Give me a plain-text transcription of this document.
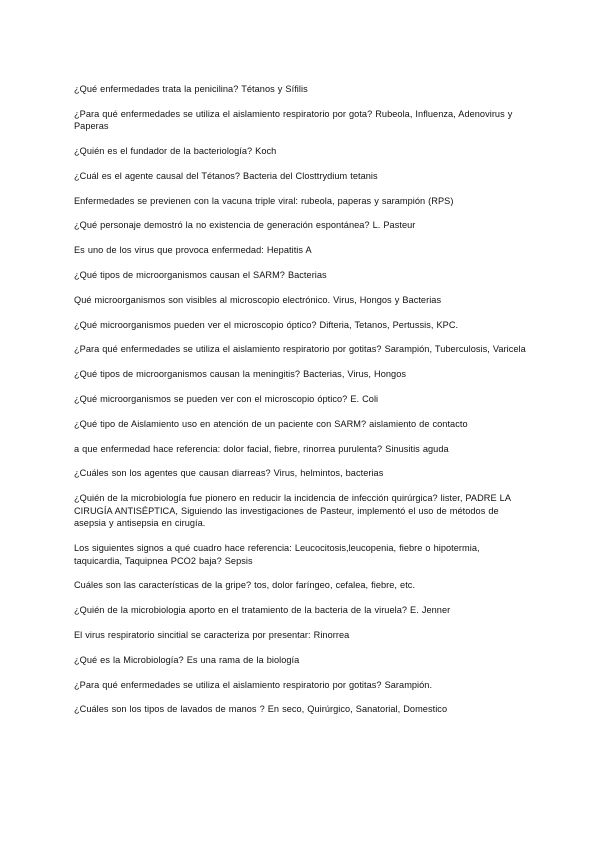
¿Qué enfermedades trata la penicilina? Tétanos y Sífilis

¿Para qué enfermedades se utiliza el aislamiento respiratorio por gota? Rubeola, Influenza, Adenovirus y Paperas

¿Quién es el fundador de la bacteriología? Koch

¿Cuál es el agente causal del Tétanos? Bacteria del Closttrydium tetanis

Enfermedades se previenen con la vacuna triple viral: rubeola, paperas y sarampión (RPS)

¿Qué personaje demostró la no existencia de generación espontánea? L. Pasteur

Es uno de los virus que provoca enfermedad: Hepatitis A

¿Qué tipos de microorganismos causan el SARM? Bacterias

Qué microorganismos son visibles al microscopio electrónico. Virus, Hongos y Bacterias

¿Qué microorganismos pueden ver el microscopio óptico? Difteria, Tetanos, Pertussis, KPC.

¿Para qué enfermedades se utiliza el aislamiento respiratorio por gotitas? Sarampión, Tuberculosis, Varicela

¿Qué tipos de microorganismos causan la meningitis? Bacterias, Virus, Hongos

¿Qué microorganismos se pueden ver con el microscopio óptico? E. Coli

¿Qué tipo de Aislamiento uso en atención de un paciente con SARM? aislamiento de contacto

a que enfermedad hace referencia: dolor facial, fiebre, rinorrea purulenta? Sinusitis aguda

¿Cuáles son los agentes que causan diarreas? Virus, helmintos, bacterias

¿Quién de la microbiología fue pionero en reducir la incidencia de infección quirúrgica? lister, PADRE LA CIRUGÍA ANTISÉPTICA, Siguiendo las investigaciones de Pasteur, implementó el uso de métodos de asepsia y antisepsia en cirugía.

Los siguientes signos a qué cuadro hace referencia: Leucocitosis,leucopenia, fiebre o hipotermia, taquicardia, Taquipnea PCO2 baja? Sepsis

Cuáles son las características de la gripe? tos, dolor faríngeo, cefalea, fiebre, etc.

¿Quién de la microbiologia aporto en el tratamiento de la bacteria de la viruela? E. Jenner

El virus respiratorio sincitial se caracteriza por presentar: Rinorrea

¿Qué es la Microbiología? Es una rama de la biología

¿Para qué enfermedades se utiliza el aislamiento respiratorio por gotitas? Sarampión.

¿Cuáles son los tipos de lavados de manos ? En seco, Quirúrgico, Sanatorial, Domestico
